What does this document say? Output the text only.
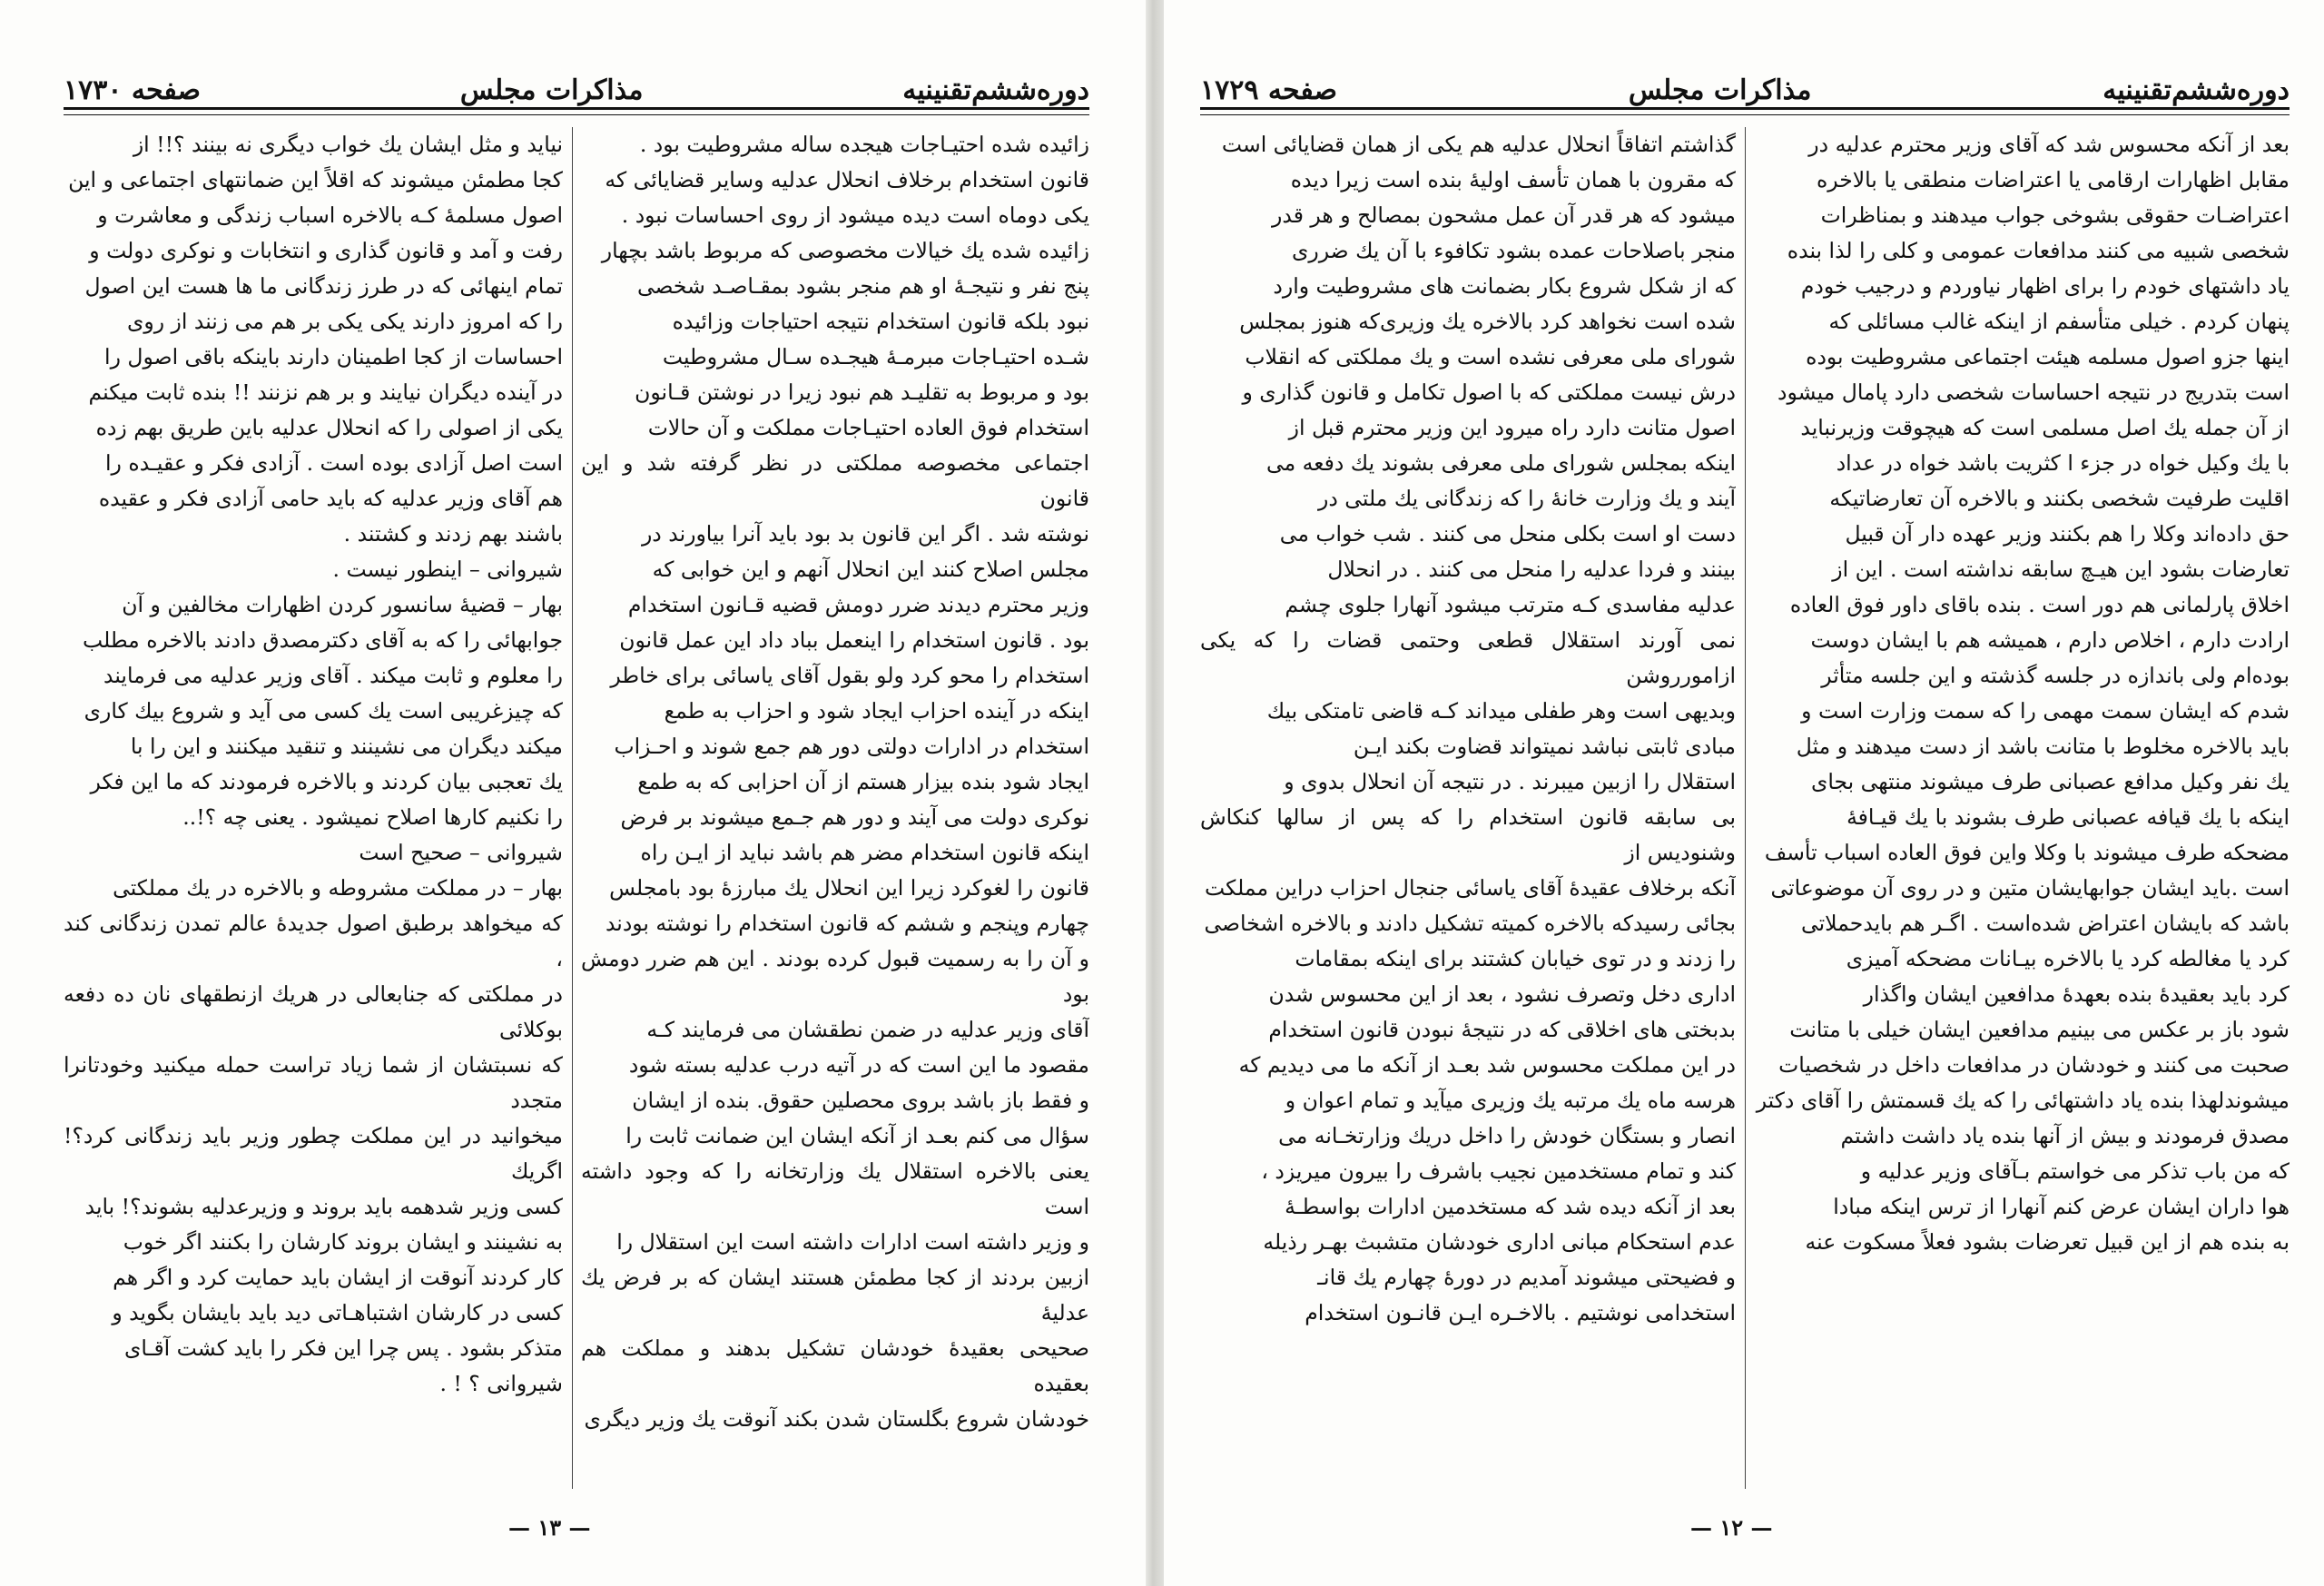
دوره‌ششم‌تقنینیه
مذاکرات مجلس
صفحه ۱۷۳۰

زائیده شده احتیـاجات هیجده ساله مشروطیت بود .

قانون استخدام برخلاف انحلال عدلیه وسایر قضایائی که

یکی دوماه است دیده میشود از روی احساسات نبود .

زائیده شده یك خیالات مخصوصی که مربوط باشد بچهار

پنج نفر و نتیجـهٔ او هم منجر بشود بمقـاصـد شخصی

نبود بلکه قانون استخدام نتیجه احتیاجات وزائیده

شـده احتیـاجات مبرمـهٔ هیجـده سـال مشروطیت

بود و مربوط به تقلیـد هم نبود زیرا در نوشتن قـانون

استخدام فوق العاده احتیـاجات مملکت و آن حالات

اجتماعی مخصوصه مملکتی در نظر گرفته شد و این قانون

نوشته شد . اگر این قانون بد بود باید آنرا بیاورند در

مجلس اصلاح کنند این انحلال آنهم و این خوابی که

وزیر محترم دیدند ضرر دومش قضیه قـانون استخدام

بود . قانون استخدام را اینعمل بباد داد این عمل قانون

استخدام را محو کرد ولو بقول آقای یاسائی برای خاطر

اینکه در آینده احزاب ایجاد شود و احزاب به طمع

استخدام در ادارات دولتی دور هم جمع شوند و احـزاب

ایجاد شود بنده بیزار هستم از آن احزابی که به طمع

نوکری دولت می آیند و دور هم جـمع میشوند بر فرض

اینکه قانون استخدام مضر هم باشد نباید از ایـن راه

قانون را لغوکرد زیرا این انحلال یك مبارزهٔ بود بامجلس

چهارم وپنجم و ششم که قانون استخدام را نوشته بودند

و آن را به رسمیت قبول کرده بودند . این هم ضرر دومش بود

آقای وزیر عدلیه در ضمن نطقشان می فرمایند کـه

مقصود ما این است که در آتیه درب عدلیه بسته شود

و فقط باز باشد بروی محصلین حقوق. بنده از ایشان

سؤال می کنم بعـد از آنکه ایشان این ضمانت ثابت را

یعنی بالاخره استقلال یك وزارتخانه را که وجود داشته است

و وزیر داشته است ادارات داشته است این استقلال را

ازبین بردند از کجا مطمئن هستند ایشان که بر فرض یك عدلیهٔ

صحیحی بعقیدهٔ خودشان تشکیل بدهند و مملکت هم بعقیده

خودشان شروع بگلستان شدن بکند آنوقت یك وزیر دیگری

نیاید و مثل ایشان یك خواب دیگری نه بینند ؟!! از

کجا مطمئن میشوند که اقلاً این ضمانتهای اجتماعی و این

اصول مسلمهٔ کـه بالاخره اسباب زندگی و معاشرت و

رفت و آمد و قانون گذاری و انتخابات و نوکری دولت و

تمام اینهائی که در طرز زندگانی ما ها هست این اصول

را که امروز دارند یکی یکی بر هم می زنند از روی

احساسات از کجا اطمینان دارند باینکه باقی اصول را

در آینده دیگران نیایند و بر هم نزنند !! بنده ثابت میکنم

یکی از اصولی را که انحلال عدلیه باین طریق بهم زده

است اصل آزادی بوده است . آزادی فکر و عقیـده را

هم آقای وزیر عدلیه که باید حامی آزادی فکر و عقیده

باشند بهم زدند و کشتند .

شیروانی – اینطور نیست .

بهار – قضیهٔ سانسور کردن اظهارات مخالفین و آن

جوابهائی را که به آقای دکترمصدق دادند بالاخره مطلب

را معلوم و ثابت میکند . آقای وزیر عدلیه می فرمایند

که چیزغریبی است یك کسی می آید و شروع بیك کاری

میکند دیگران می نشینند و تنقید میکنند و این را با

یك تعجبی بیان کردند و بالاخره فرمودند که ما این فکر

را نکنیم کارها اصلاح نمیشود . یعنی چه ؟!..

شیروانی – صحیح است

بهار – در مملکت مشروطه و بالاخره در یك مملکتی

که میخواهد برطبق اصول جدیدهٔ عالم تمدن زندگانی کند ،

در مملکتی که جنابعالی در هریك ازنطقهای نان ده دفعه بوکلائی

که نسبتشان از شما زیاد تراست حمله میکنید وخودتانرا متجدد

میخوانید در این مملکت چطور وزیر باید زندگانی کرد؟! اگریك

کسی وزیر شدهمه باید بروند و وزیرعدلیه بشوند؟! باید

به نشینند و ایشان بروند کارشان را بکنند اگر خوب

کار کردند آنوقت از ایشان باید حمایت کرد و اگر هم

کسی در کارشان اشتباهـاتی دید باید بایشان بگوید و

متذکر بشود . پس چرا این فکر را باید کشت آقـای

شیروانی ؟ ! .

— ۱۳ —
دوره‌ششم‌تقنینیه
مذاکرات مجلس
صفحه ۱۷۲۹

بعد از آنکه محسوس شد که آقای وزیر محترم عدلیه در

مقابل اظهارات ارقامی یا اعتراضات منطقی یا بالاخره

اعتراضـات حقوقی بشوخی جواب میدهند و بمناظرات

شخصی شبیه می کنند مدافعات عمومی و کلی را لذا بنده

یاد داشتهای خودم را برای اظهار نیاوردم و درجیب خودم

پنهان کردم . خیلی متأسفم از اینکه غالب مسائلی که

اینها جزو اصول مسلمه هیئت اجتماعی مشروطیت بوده

است بتدریج در نتیجه احساسات شخصی دارد پامال میشود

از آن جمله یك اصل مسلمی است که هیچوقت وزیرنباید

با یك وکیل خواه در جزء ا کثریت باشد خواه در عداد

اقلیت طرفیت شخصی بکنند و بالاخره آن تعارضاتیکه

حق داده‌اند وکلا را هم بکنند وزیر عهده دار آن قبیل

تعارضات بشود این هیـچ سابقه نداشته است . این از

اخلاق پارلمانی هم دور است . بنده باقای داور فوق العاده

ارادت دارم ، اخلاص دارم ، همیشه هم با ایشان دوست

بوده‌ام ولی باندازه در جلسه گذشته و این جلسه متأثر

شدم که ایشان سمت مهمی را که سمت وزارت است و

باید بالاخره مخلوط با متانت باشد از دست میدهند و مثل

یك نفر وکیل مدافع عصبانی طرف میشوند منتهی بجای

اینکه با یك قیافه عصبانی طرف بشوند با یك قیـافهٔ

مضحکه طرف میشوند با وکلا واین فوق العاده اسباب تأسف

است .باید ایشان جوابهایشان متین و در روی آن موضوعاتی

باشد که بایشان اعتراض شده‌است . اگـر هم بایدحملاتی

کرد یا مغالطه کرد یا بالاخره بیـانات مضحکه آمیزی

کرد باید بعقیدهٔ بنده بعهدهٔ مدافعین ایشان واگذار

شود باز بر عکس می بینیم مدافعین ایشان خیلی با متانت

صحبت می کنند و خودشان در مدافعات داخل در شخصیات

میشوندلهذا بنده یاد داشتهائی را که یك قسمتش را آقای دکتر

مصدق فرمودند و بیش از آنها بنده یاد داشت داشتم

که من باب تذکر می خواستم بـآقای وزیر عدلیه و

هوا داران ایشان عرض کنم آنهارا از ترس اینکه مبادا

به بنده هم از این قبیل تعرضات بشود فعلاً مسکوت عنه

گذاشتم اتفاقاً انحلال عدلیه هم یکی از همان قضایائی است

که مقرون با همان تأسف اولیهٔ بنده است زیرا دیده

میشود که هر قدر آن عمل مشحون بمصالح و هر قدر

منجر باصلاحات عمده بشود تکافوء با آن یك ضرری

که از شکل شروع بکار بضمانت های مشروطیت وارد

شده است نخواهد کرد بالاخره یك وزیری‌که هنوز بمجلس

شورای ملی معرفی نشده است و یك مملکتی که انقلاب

درش نیست مملکتی که با اصول تکامل و قانون گذاری و

اصول متانت دارد راه میرود این وزیر محترم قبل از

اینکه بمجلس شورای ملی معرفی بشوند یك دفعه می

آیند و یك وزارت خانهٔ را که زندگانی یك ملتی در

دست او است بکلی منحل می کنند . شب خواب می

بینند و فردا عدلیه را منحل می کنند . در انحلال

عدلیه مفاسدی کـه مترتب میشود آنهارا جلوی چشم

نمی آورند استقلال قطعی وحتمی قضات را که یکی ازامورروشن

وبدیهی است وهر طفلی میداند کـه قاضی تامتکی بیك

مبادی ثابتی نباشد نمیتواند قضاوت بکند ایـن

استقلال را ازبین میبرند . در نتیجه آن انحلال بدوی و

بی سابقه قانون استخدام را که پس از سالها کنکاش وشنودیس از

آنکه برخلاف عقیدهٔ آقای یاسائی جنجال احزاب دراین مملکت

بجائی رسیدکه بالاخره کمیته تشکیل دادند و بالاخره اشخاصی

را زدند و در توی خیابان کشتند برای اینکه بمقامات

اداری دخل وتصرف نشود ، بعد از این محسوس شدن

بدبختی های اخلاقی که در نتیجهٔ نبودن قانون استخدام

در این مملکت محسوس شد بعـد از آنکه ما می دیدیم که

هرسه ماه یك مرتبه یك وزیری میآید و تمام اعوان و

انصار و بستگان خودش را داخل دریك وزارتخـانه می

کند و تمام مستخدمین نجیب باشرف را بیرون میریزد ،

بعد از آنکه دیده شد که مستخدمین ادارات بواسطـهٔ

عدم استحکام مبانی اداری خودشان متشبث بهـر رذیله

و فضیحتی میشوند آمدیم در دورهٔ چهارم یك قانـ

استخدامی نوشتیم . بالاخـره ایـن قانـون استخدام

— ۱۲ —
